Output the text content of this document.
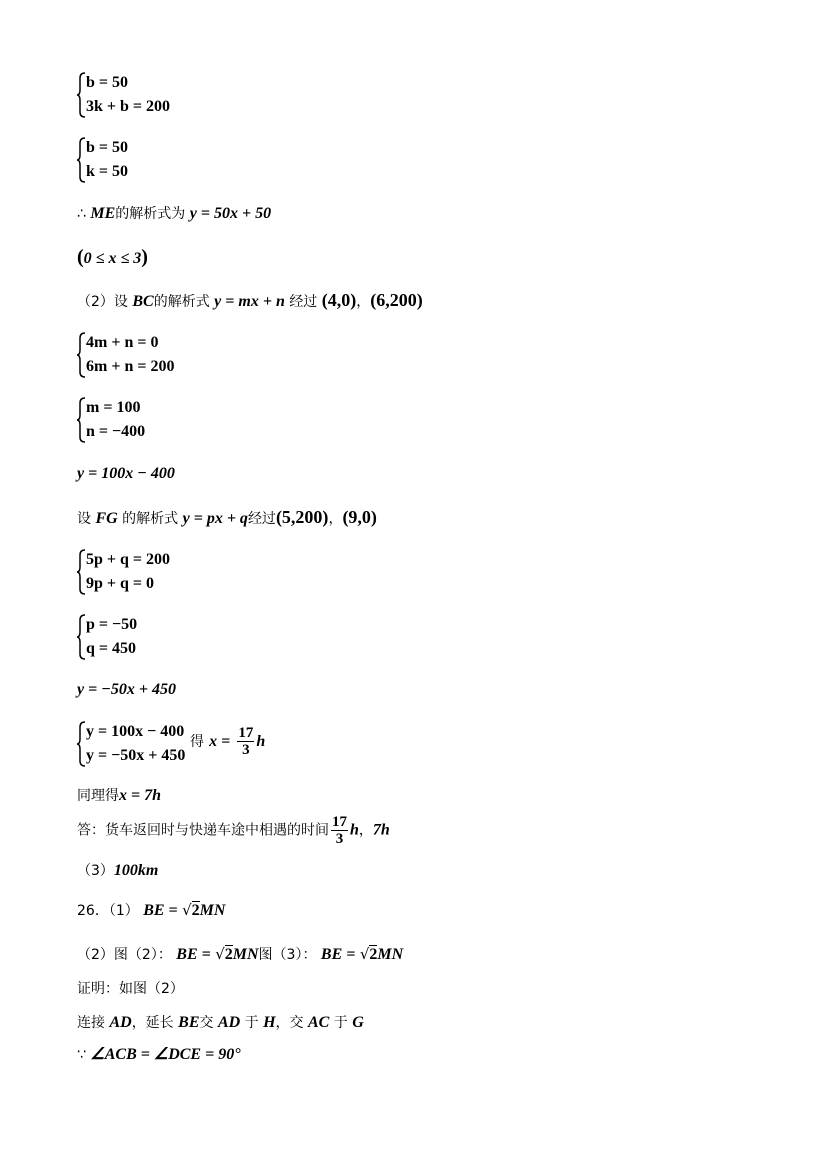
b = 50
3k + b = 200
b = 50
k = 50
∴ ME的解析式为 y = 50x + 50
(0 ≤ x ≤ 3)
（2）设 BC的解析式 y = mx + n 经过 (4,0)，(6,200)
4m + n = 0
6m + n = 200
m = 100
n = −400
y = 100x − 400
设 FG 的解析式 y = px + q经过(5,200)，(9,0)
5p + q = 200
9p + q = 0
p = −50
q = 450
y = −50x + 450
y = 100x − 400
y = −50x + 450
得 $x = \frac{17}{3}$ h
同理得x = 7h
答：货车返回时与快递车途中相遇的时间 $\frac{17}{3}$ h，7h
（3）100km
26．（1） BE = √2MN
（2）图（2）： BE = √2MN图（3）： BE = √2MN
证明：如图（2）
连接 AD，延长 BE交 AD 于 H，交 AC 于 G
∵ ∠ACB = ∠DCE = 90°
